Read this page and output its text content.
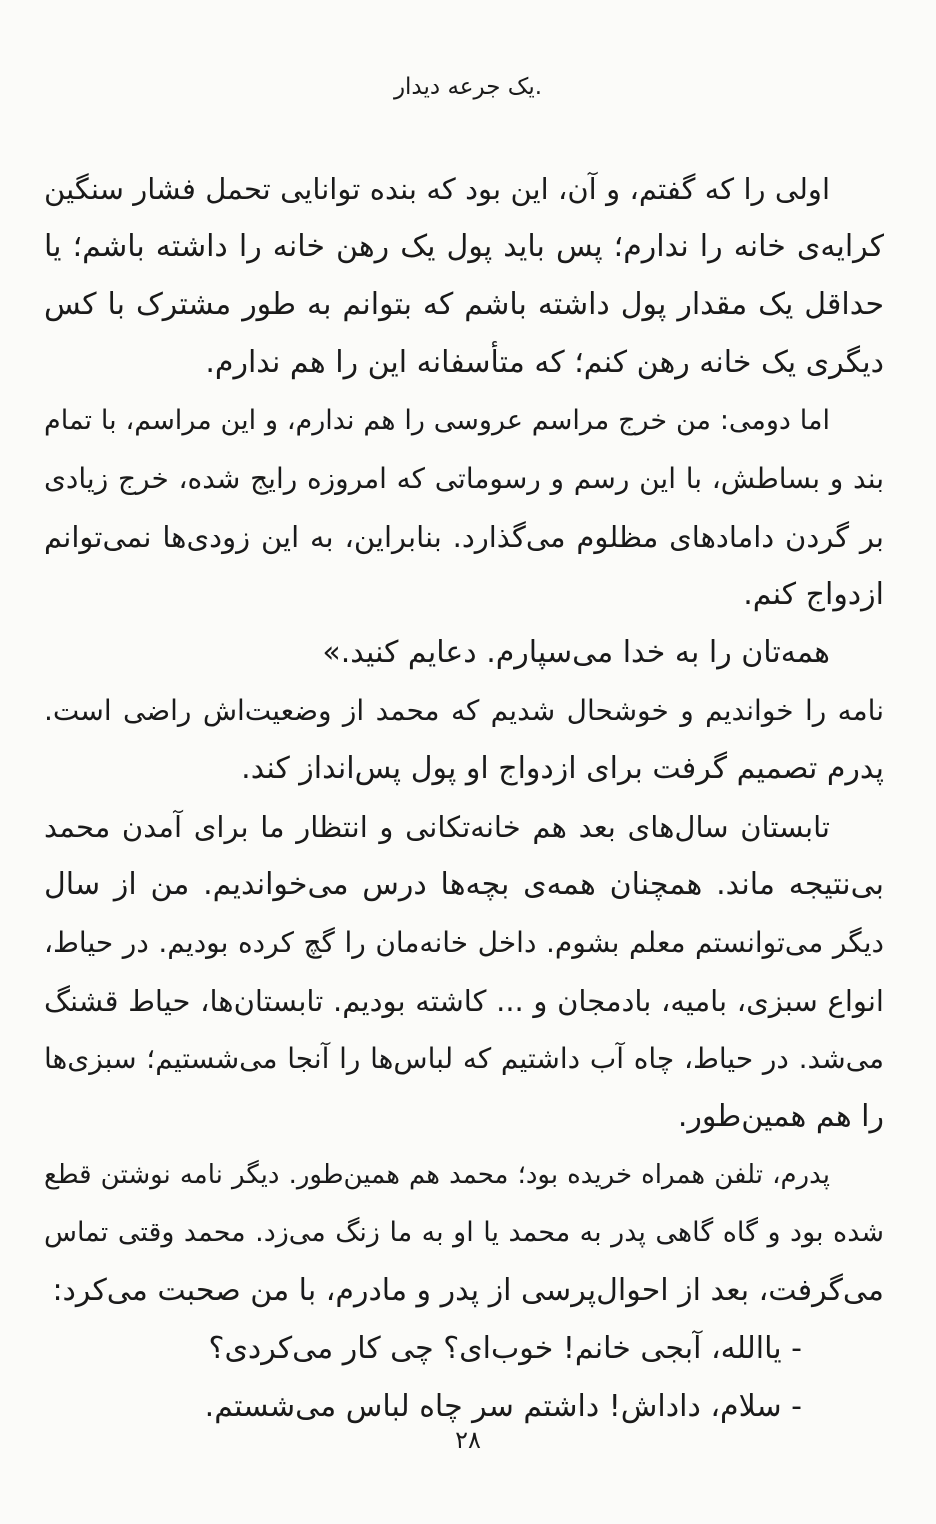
.یک جرعه دیدار
اولی را که گفتم، و آن، این بود که بنده توانایی تحمل فشار سنگین
کرایه‌ی خانه را ندارم؛ پس باید پول یک رهن خانه را داشته باشم؛ یا
حداقل یک مقدار پول داشته باشم که بتوانم به طور مشترک با کس
دیگری یک خانه رهن کنم؛ که متأسفانه این را هم ندارم.
اما دومی: من خرج مراسم عروسی را هم ندارم، و این مراسم، با تمام
بند و بساطش، با این رسم و رسوماتی که امروزه رایج شده، خرج زیادی
بر گردن دامادهای مظلوم می‌گذارد. بنابراین، به این زودی‌ها نمی‌توانم
ازدواج کنم.
همه‌تان را به خدا می‌سپارم. دعایم کنید.»
نامه را خواندیم و خوشحال شدیم که محمد از وضعیت‌اش راضی است.
پدرم تصمیم گرفت برای ازدواج او پول پس‌انداز کند.
تابستان سال‌های بعد هم خانه‌تکانی و انتظار ما برای آمدن محمد
بی‌نتیجه ماند. همچنان همه‌ی بچه‌ها درس می‌خواندیم. من از سال
دیگر می‌توانستم معلم بشوم. داخل خانه‌مان را گچ کرده بودیم. در حیاط،
انواع سبزی، بامیه، بادمجان و ... کاشته بودیم. تابستان‌ها، حیاط قشنگ
می‌شد. در حیاط، چاه آب داشتیم که لباس‌ها را آنجا می‌شستیم؛ سبزی‌ها
را هم همین‌طور.
پدرم، تلفن همراه خریده بود؛ محمد هم همین‌طور. دیگر نامه نوشتن قطع
شده بود و گاه گاهی پدر به محمد یا او به ما زنگ می‌زد. محمد وقتی تماس
می‌گرفت، بعد از احوال‌پرسی از پدر و مادرم، با من صحبت می‌کرد:
- یاالله، آبجی خانم! خوب‌ای؟ چی کار می‌کردی؟
- سلام، داداش! داشتم سر چاه لباس می‌شستم.
۲۸
